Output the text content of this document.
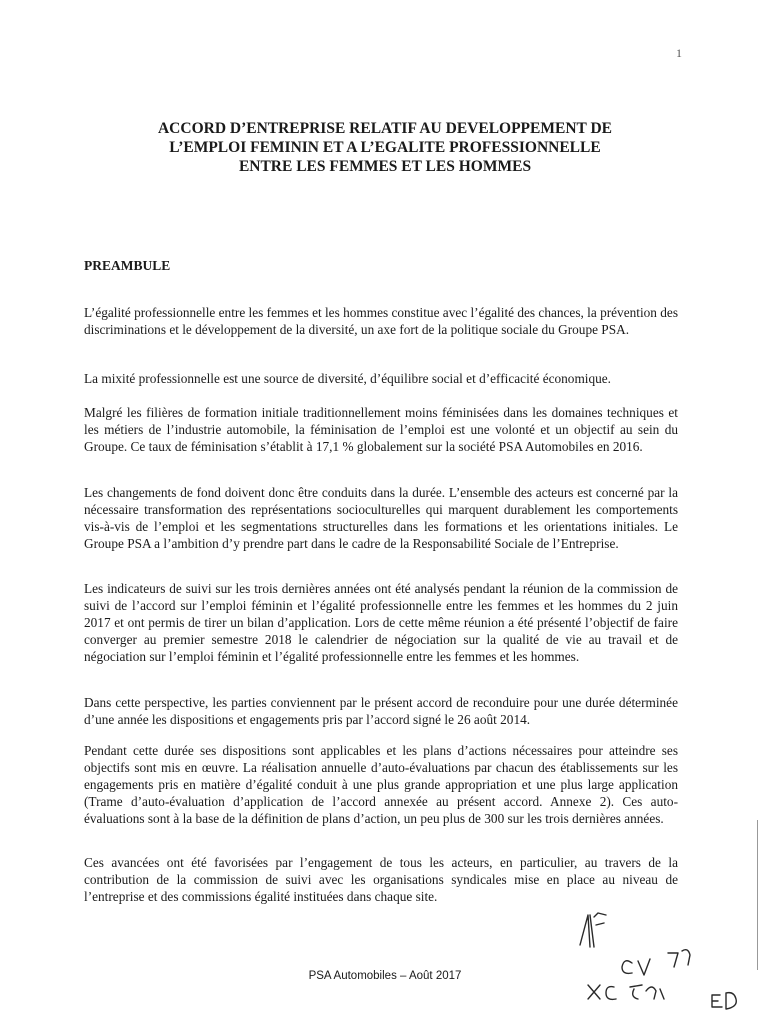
1
ACCORD D’ENTREPRISE RELATIF AU DEVELOPPEMENT DE
L’EMPLOI FEMININ ET A L’EGALITE PROFESSIONNELLE
ENTRE LES FEMMES ET LES HOMMES
PREAMBULE

L’égalité professionnelle entre les femmes et les hommes constitue avec l’égalité des chances, la prévention des discriminations et le développement de la diversité, un axe fort de la politique sociale du Groupe PSA.

La mixité professionnelle est une source de diversité, d’équilibre social et d’efficacité économique.

Malgré les filières de formation initiale traditionnellement moins féminisées dans les domaines techniques et les métiers de l’industrie automobile, la féminisation de l’emploi est une volonté et un objectif au sein du Groupe. Ce taux de féminisation s’établit à 17,1 % globalement sur la société PSA Automobiles en 2016.

Les changements de fond doivent donc être conduits dans la durée. L’ensemble des acteurs est concerné par la nécessaire transformation des représentations socioculturelles qui marquent durablement les comportements vis-à-vis de l’emploi et les segmentations structurelles dans les formations et les orientations initiales. Le Groupe PSA a l’ambition d’y prendre part dans le cadre de la Responsabilité Sociale de l’Entreprise.

Les indicateurs de suivi sur les trois dernières années ont été analysés pendant la réunion de la commission de suivi de l’accord sur l’emploi féminin et l’égalité professionnelle entre les femmes et les hommes du 2 juin 2017 et ont permis de tirer un bilan d’application. Lors de cette même réunion a été présenté l’objectif de faire converger au premier semestre 2018 le calendrier de négociation sur la qualité de vie au travail et de négociation sur l’emploi féminin et l’égalité professionnelle entre les femmes et les hommes.

Dans cette perspective, les parties conviennent par le présent accord de reconduire pour une durée déterminée d’une année les dispositions et engagements pris par l’accord signé le 26 août 2014.

Pendant cette durée ses dispositions sont applicables et les plans d’actions nécessaires pour atteindre ses objectifs sont mis en œuvre. La réalisation annuelle d’auto-évaluations par chacun des établissements sur les engagements pris en matière d’égalité conduit à une plus grande appropriation et une plus large application (Trame d’auto-évaluation d’application de l’accord annexée au présent accord. Annexe 2). Ces auto-évaluations sont à la base de la définition de plans d’action, un peu plus de 300 sur les trois dernières années.

Ces avancées ont été favorisées par l’engagement de tous les acteurs, en particulier, au travers de la contribution de la commission de suivi avec les organisations syndicales mise en place au niveau de l’entreprise et des commissions égalité instituées dans chaque site.

PSA Automobiles – Août 2017
